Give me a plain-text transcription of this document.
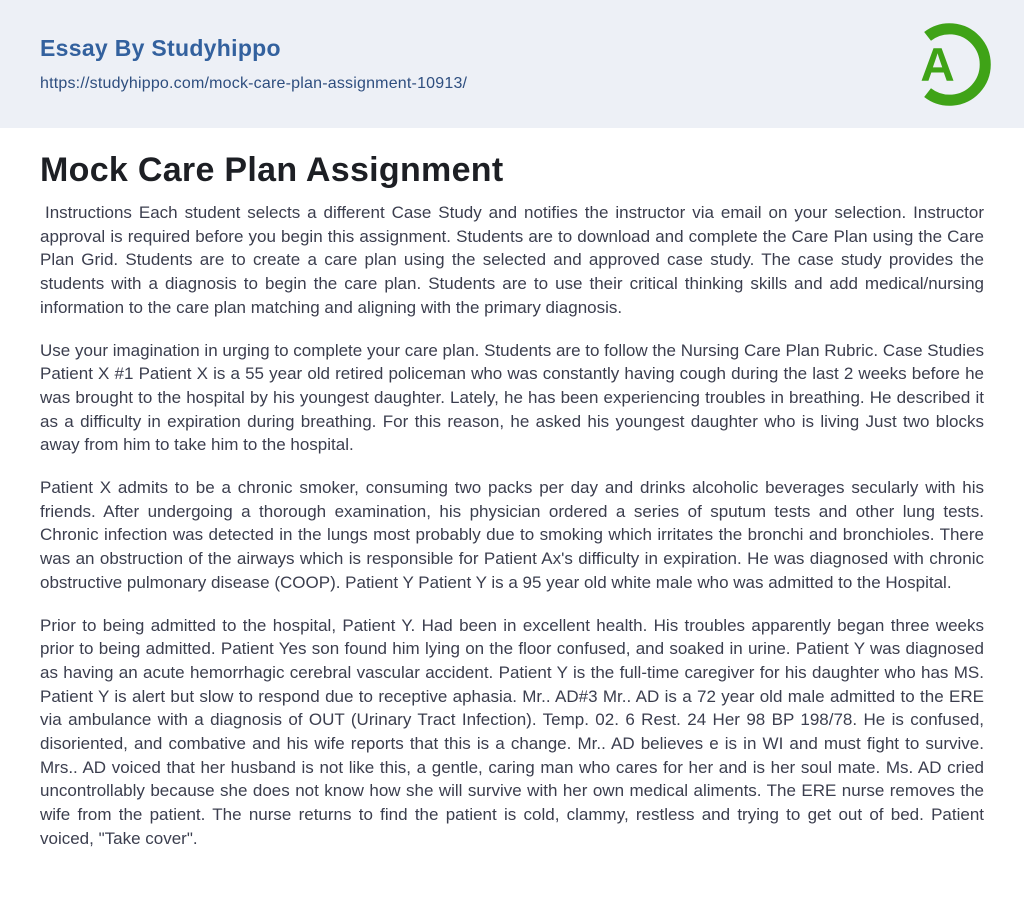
Essay By Studyhippo
https://studyhippo.com/mock-care-plan-assignment-10913/	A
Mock Care Plan Assignment

Instructions Each student selects a different Case Study and notifies the instructor via email on your selection. Instructor approval is required before you begin this assignment. Students are to download and complete the Care Plan using the Care Plan Grid. Students are to create a care plan using the selected and approved case study. The case study provides the students with a diagnosis to begin the care plan. Students are to use their critical thinking skills and add medical/nursing information to the care plan matching and aligning with the primary diagnosis.

Use your imagination in urging to complete your care plan. Students are to follow the Nursing Care Plan Rubric. Case Studies Patient X #1 Patient X is a 55 year old retired policeman who was constantly having cough during the last 2 weeks before he was brought to the hospital by his youngest daughter. Lately, he has been experiencing troubles in breathing. He described it as a difficulty in expiration during breathing. For this reason, he asked his youngest daughter who is living Just two blocks away from him to take him to the hospital.

Patient X admits to be a chronic smoker, consuming two packs per day and drinks alcoholic beverages secularly with his friends. After undergoing a thorough examination, his physician ordered a series of sputum tests and other lung tests. Chronic infection was detected in the lungs most probably due to smoking which irritates the bronchi and bronchioles. There was an obstruction of the airways which is responsible for Patient Ax's difficulty in expiration. He was diagnosed with chronic obstructive pulmonary disease (COOP). Patient Y Patient Y is a 95 year old white male who was admitted to the Hospital.

Prior to being admitted to the hospital, Patient Y. Had been in excellent health. His troubles apparently began three weeks prior to being admitted. Patient Yes son found him lying on the floor confused, and soaked in urine. Patient Y was diagnosed as having an acute hemorrhagic cerebral vascular accident. Patient Y is the full-time caregiver for his daughter who has MS. Patient Y is alert but slow to respond due to receptive aphasia. Mr.. AD#3 Mr.. AD is a 72 year old male admitted to the ERE via ambulance with a diagnosis of OUT (Urinary Tract Infection). Temp. 02. 6 Rest. 24 Her 98 BP 198/78. He is confused, disoriented, and combative and his wife reports that this is a change. Mr.. AD believes e is in WI and must fight to survive. Mrs.. AD voiced that her husband is not like this, a gentle, caring man who cares for her and is her soul mate. Ms. AD cried uncontrollably because she does not know how she will survive with her own medical aliments. The ERE nurse removes the wife from the patient. The nurse returns to find the patient is cold, clammy, restless and trying to get out of bed. Patient voiced, "Take cover".
